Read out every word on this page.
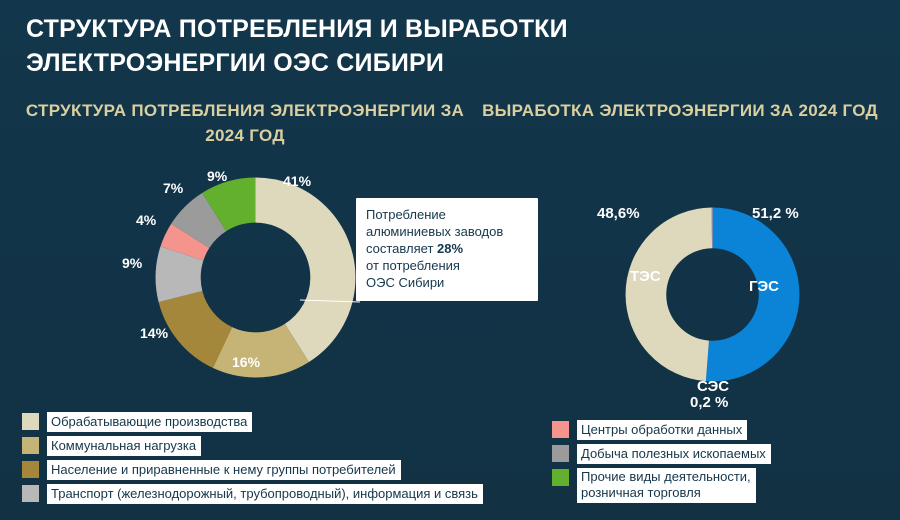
СТРУКТУРА ПОТРЕБЛЕНИЯ И ВЫРАБОТКИ ЭЛЕКТРОЭНЕРГИИ ОЭС СИБИРИ
СТРУКТУРА ПОТРЕБЛЕНИЯ ЭЛЕКТРОЭНЕРГИИ ЗА 2024 ГОД
ВЫРАБОТКА ЭЛЕКТРОЭНЕРГИИ ЗА 2024 ГОД
41%
16%
14%
9%
4%
7%
9%
Потребление
алюминиевых заводов
составляет 28%
от потребления
ОЭС Сибири
51,2 %
48,6%
ГЭС
ТЭС
СЭС
0,2 %
Обрабатывающие производства
Коммунальная нагрузка
Население и приравненные к нему группы потребителей
Транспорт (железнодорожный, трубопроводный), информация и связь
Центры обработки данных
Добыча полезных ископаемых
Прочие виды деятельности,
розничная торговля
